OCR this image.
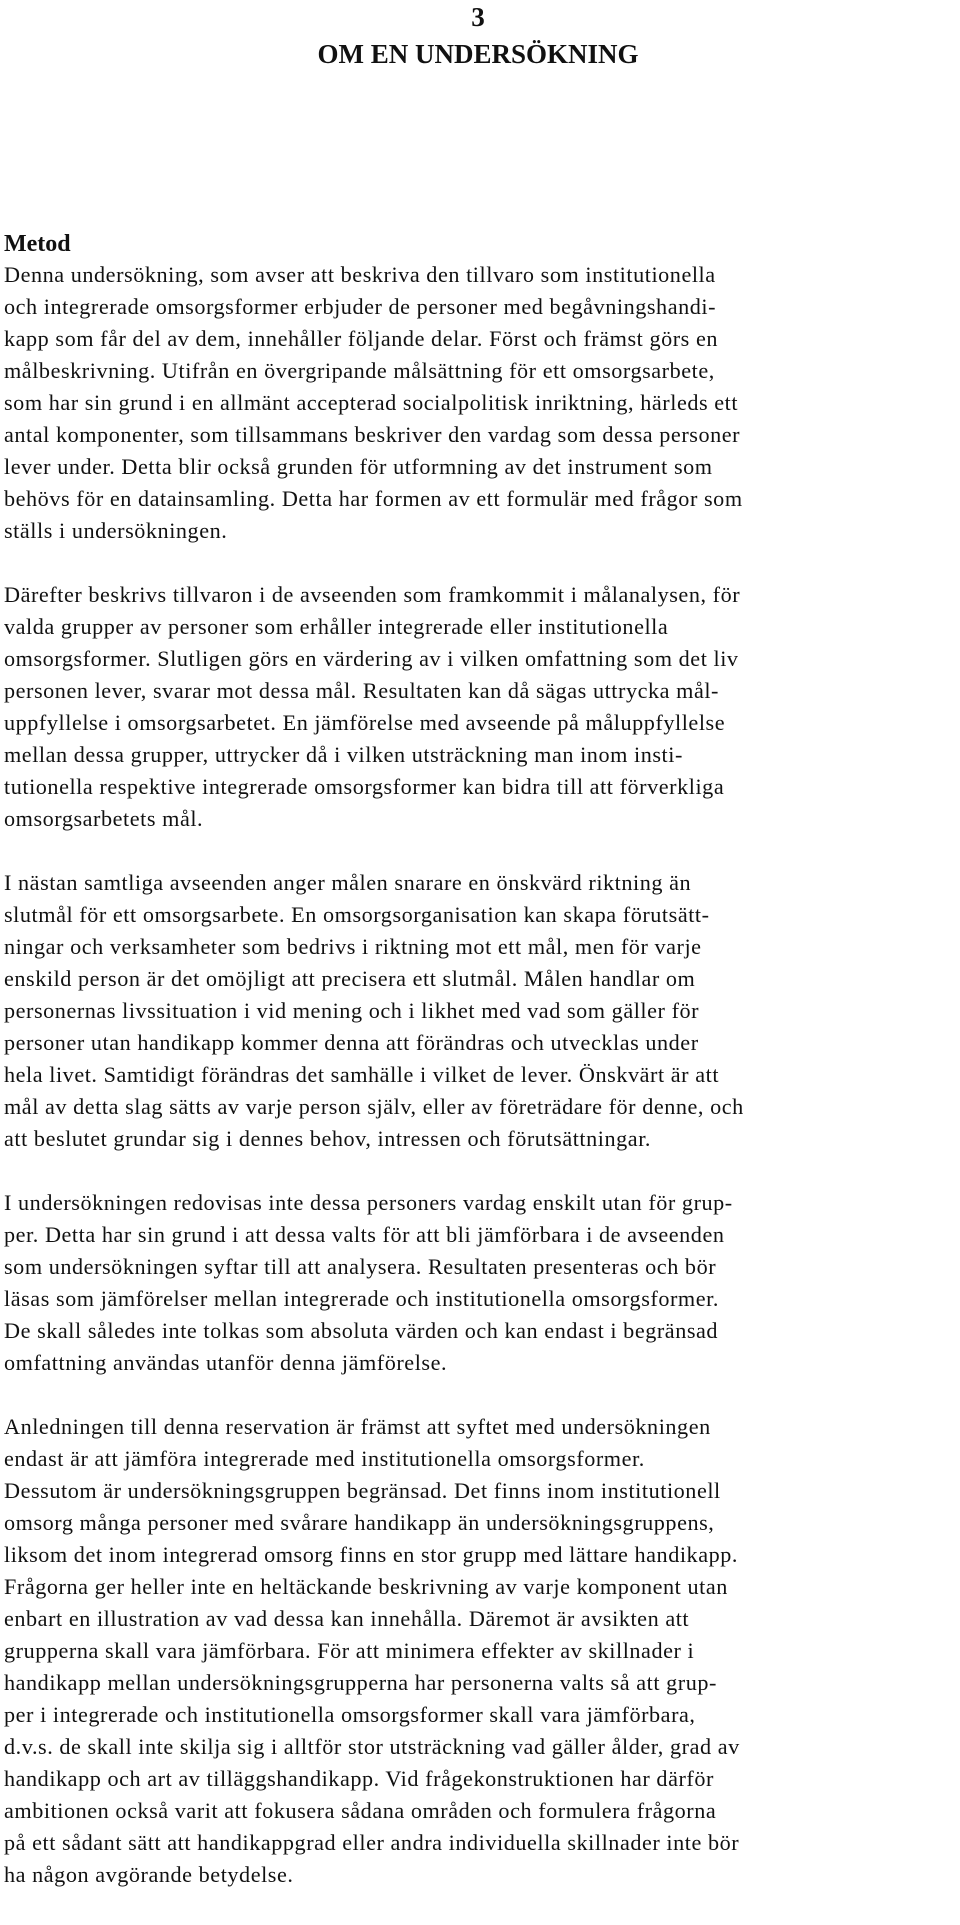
3
OM EN UNDERSÖKNING
Metod
Denna undersökning, som avser att beskriva den tillvaro som institutionella
och integrerade omsorgsformer erbjuder de personer med begåvningshandi-
kapp som får del av dem, innehåller följande delar. Först och främst görs en
målbeskrivning. Utifrån en övergripande målsättning för ett omsorgsarbete,
som har sin grund i en allmänt accepterad socialpolitisk inriktning, härleds ett
antal komponenter, som tillsammans beskriver den vardag som dessa personer
lever under. Detta blir också grunden för utformning av det instrument som
behövs för en datainsamling. Detta har formen av ett formulär med frågor som
ställs i undersökningen.
Därefter beskrivs tillvaron i de avseenden som framkommit i målanalysen, för
valda grupper av personer som erhåller integrerade eller institutionella
omsorgsformer. Slutligen görs en värdering av i vilken omfattning som det liv
personen lever, svarar mot dessa mål. Resultaten kan då sägas uttrycka mål-
uppfyllelse i omsorgsarbetet. En jämförelse med avseende på måluppfyllelse
mellan dessa grupper, uttrycker då i vilken utsträckning man inom insti-
tutionella respektive integrerade omsorgsformer kan bidra till att förverkliga
omsorgsarbetets mål.
I nästan samtliga avseenden anger målen snarare en önskvärd riktning än
slutmål för ett omsorgsarbete. En omsorgsorganisation kan skapa förutsätt-
ningar och verksamheter som bedrivs i riktning mot ett mål, men för varje
enskild person är det omöjligt att precisera ett slutmål. Målen handlar om
personernas livssituation i vid mening och i likhet med vad som gäller för
personer utan handikapp kommer denna att förändras och utvecklas under
hela livet. Samtidigt förändras det samhälle i vilket de lever. Önskvärt är att
mål av detta slag sätts av varje person själv, eller av företrädare för denne, och
att beslutet grundar sig i dennes behov, intressen och förutsättningar.
I undersökningen redovisas inte dessa personers vardag enskilt utan för grup-
per. Detta har sin grund i att dessa valts för att bli jämförbara i de avseenden
som undersökningen syftar till att analysera. Resultaten presenteras och bör
läsas som jämförelser mellan integrerade och institutionella omsorgsformer.
De skall således inte tolkas som absoluta värden och kan endast i begränsad
omfattning användas utanför denna jämförelse.
Anledningen till denna reservation är främst att syftet med undersökningen
endast är att jämföra integrerade med institutionella omsorgsformer.
Dessutom är undersökningsgruppen begränsad. Det finns inom institutionell
omsorg många personer med svårare handikapp än undersökningsgruppens,
liksom det inom integrerad omsorg finns en stor grupp med lättare handikapp.
Frågorna ger heller inte en heltäckande beskrivning av varje komponent utan
enbart en illustration av vad dessa kan innehålla. Däremot är avsikten att
grupperna skall vara jämförbara. För att minimera effekter av skillnader i
handikapp mellan undersökningsgrupperna har personerna valts så att grup-
per i integrerade och institutionella omsorgsformer skall vara jämförbara,
d.v.s. de skall inte skilja sig i alltför stor utsträckning vad gäller ålder, grad av
handikapp och art av tilläggshandikapp. Vid frågekonstruktionen har därför
ambitionen också varit att fokusera sådana områden och formulera frågorna
på ett sådant sätt att handikappgrad eller andra individuella skillnader inte bör
ha någon avgörande betydelse.
